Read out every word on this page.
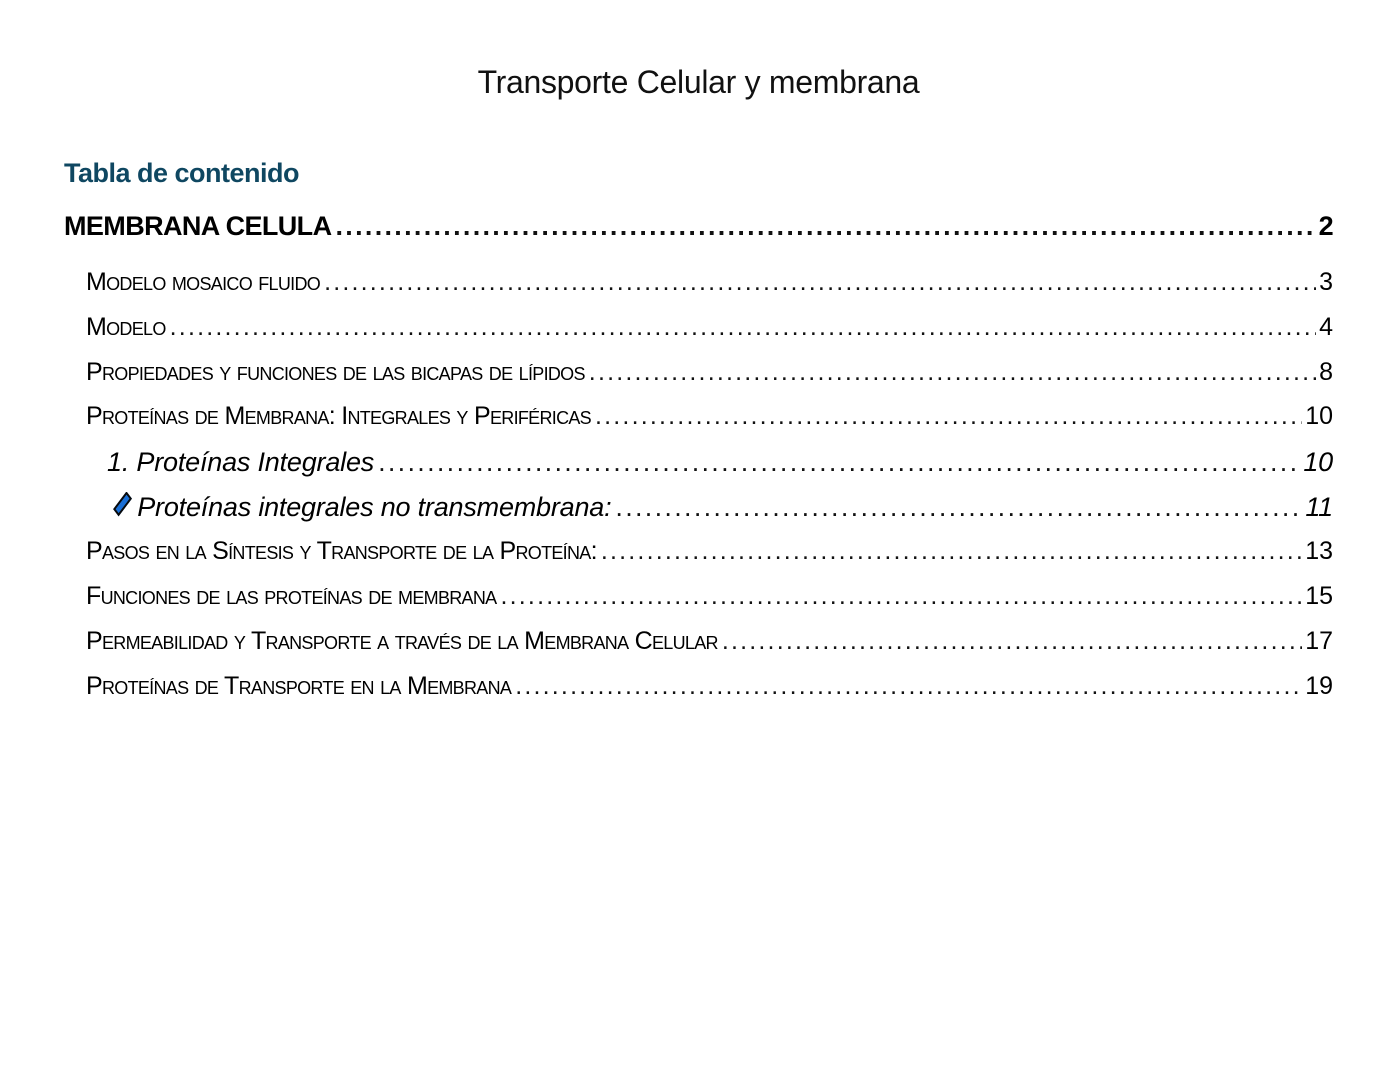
Transporte Celular y membrana
Tabla de contenido
MEMBRANA CELULA .....	2
Modelo mosaico fluido .....	3
Modelo .....	4
Propiedades y funciones de las bicapas de lípidos .....	8
Proteínas de Membrana: Integrales y Periféricas .....	10
1. Proteínas Integrales .....	10
Proteínas integrales no transmembrana: .....	11
Pasos en la Síntesis y Transporte de la Proteína: .....	13
Funciones de las proteínas de membrana .....	15
Permeabilidad y Transporte a través de la Membrana Celular .....	17
Proteínas de Transporte en la Membrana .....	19
